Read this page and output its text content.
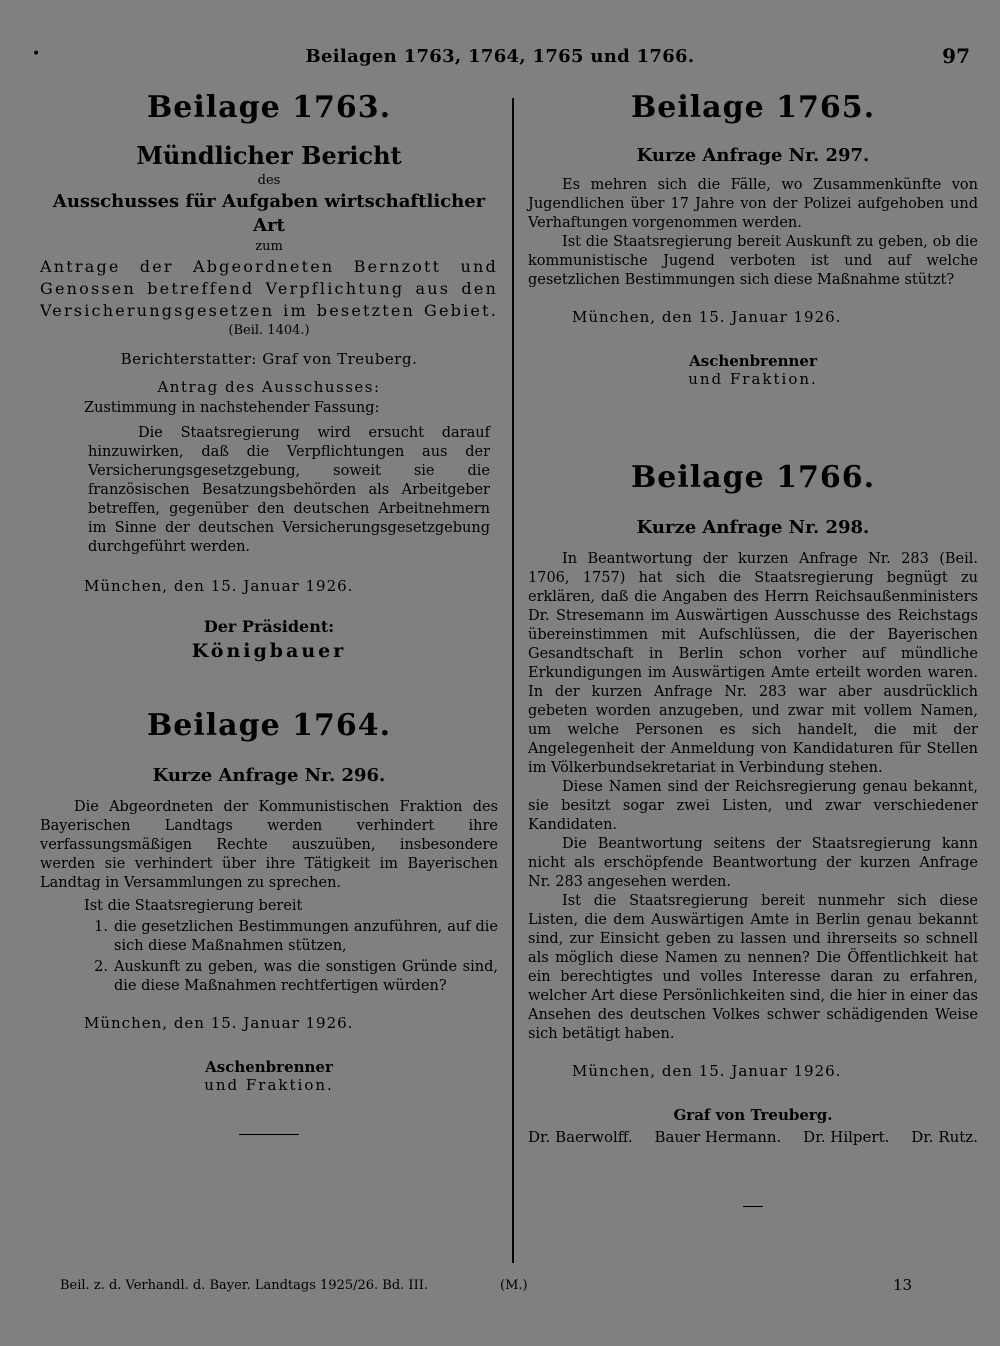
•	Beilagen 1763, 1764, 1765 und 1766.	97
Beilage 1763.
Mündlicher Bericht
des
Ausschusses für Aufgaben wirtschaftlicher Art
zum
Antrage der Abgeordneten Bernzott und
Genossen betreffend Verpflichtung aus den
Versicherungsgesetzen im besetzten Gebiet.
(Beil. 1404.)
Berichterstatter: Graf von Treuberg.
Antrag des Ausschusses:
Zustimmung in nachstehender Fassung:
Die Staatsregierung wird ersucht darauf hinzuwirken, daß die Verpflichtungen aus der Versicherungsgesetzgebung, soweit sie die französischen Besatzungsbehörden als Arbeitgeber betreffen, gegenüber den deutschen Arbeitnehmern im Sinne der deutschen Versicherungsgesetzgebung durchgeführt werden.
München, den 15. Januar 1926.
Der Präsident:
Königbauer
Beilage 1764.
Kurze Anfrage Nr. 296.
Die Abgeordneten der Kommunistischen Fraktion des Bayerischen Landtags werden verhindert ihre verfassungsmäßigen Rechte auszuüben, insbesondere werden sie verhindert über ihre Tätigkeit im Bayerischen Landtag in Versammlungen zu sprechen.
Ist die Staatsregierung bereit
1. die gesetzlichen Bestimmungen anzuführen, auf die sich diese Maßnahmen stützen,
2. Auskunft zu geben, was die sonstigen Gründe sind, die diese Maßnahmen rechtfertigen würden?
München, den 15. Januar 1926.
Aschenbrenner
und Fraktion.
Beilage 1765.
Kurze Anfrage Nr. 297.
Es mehren sich die Fälle, wo Zusammenkünfte von Jugendlichen über 17 Jahre von der Polizei aufgehoben und Verhaftungen vorgenommen werden.
Ist die Staatsregierung bereit Auskunft zu geben, ob die kommunistische Jugend verboten ist und auf welche gesetzlichen Bestimmungen sich diese Maßnahme stützt?
München, den 15. Januar 1926.
Aschenbrenner
und Fraktion.
Beilage 1766.
Kurze Anfrage Nr. 298.
In Beantwortung der kurzen Anfrage Nr. 283 (Beil. 1706, 1757) hat sich die Staatsregierung begnügt zu erklären, daß die Angaben des Herrn Reichsaußenministers Dr. Stresemann im Auswärtigen Ausschusse des Reichstags übereinstimmen mit Aufschlüssen, die der Bayerischen Gesandtschaft in Berlin schon vorher auf mündliche Erkundigungen im Auswärtigen Amte erteilt worden waren. In der kurzen Anfrage Nr. 283 war aber ausdrücklich gebeten worden anzugeben, und zwar mit vollem Namen, um welche Personen es sich handelt, die mit der Angelegenheit der Anmeldung von Kandidaturen für Stellen im Völkerbundsekretariat in Verbindung stehen.
Diese Namen sind der Reichsregierung genau bekannt, sie besitzt sogar zwei Listen, und zwar verschiedener Kandidaten.
Die Beantwortung seitens der Staatsregierung kann nicht als erschöpfende Beantwortung der kurzen Anfrage Nr. 283 angesehen werden.
Ist die Staatsregierung bereit nunmehr sich diese Listen, die dem Auswärtigen Amte in Berlin genau bekannt sind, zur Einsicht geben zu lassen und ihrerseits so schnell als möglich diese Namen zu nennen? Die Öffentlichkeit hat ein berechtigtes und volles Interesse daran zu erfahren, welcher Art diese Persönlichkeiten sind, die hier in einer das Ansehen des deutschen Volkes schwer schädigenden Weise sich betätigt haben.
München, den 15. Januar 1926.
Graf von Treuberg.
Dr. Baerwolff. Bauer Hermann. Dr. Hilpert. Dr. Rutz.
Beil. z. d. Verhandl. d. Bayer. Landtags 1925/26. Bd. III.	(M.)	13
